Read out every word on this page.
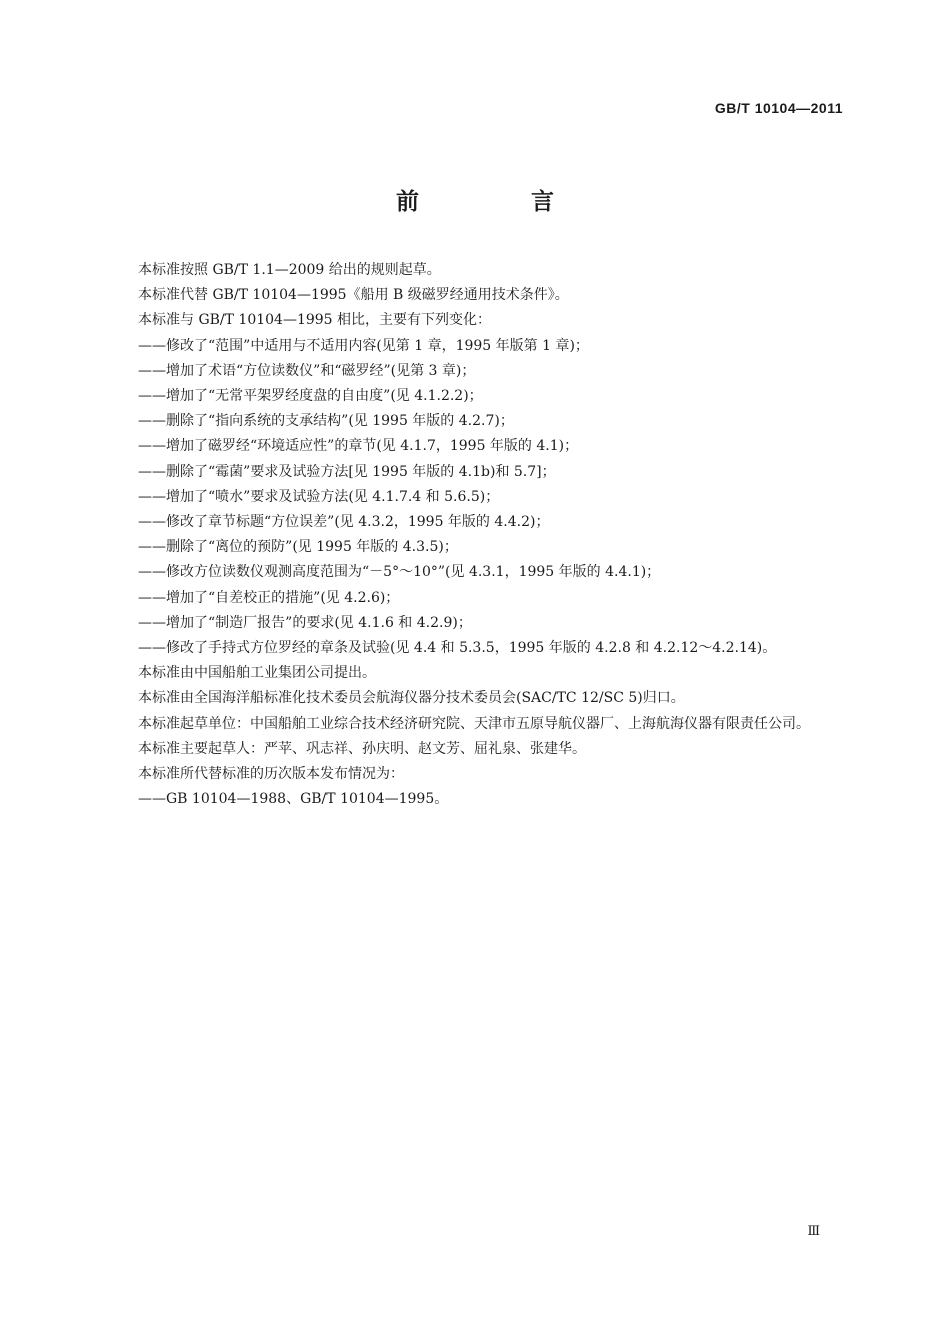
GB/T 10104—2011
前 言

本标准按照 GB/T 1.1—2009 给出的规则起草。

本标准代替 GB/T 10104—1995《船用 B 级磁罗经通用技术条件》。

本标准与 GB/T 10104—1995 相比，主要有下列变化：

——修改了“范围”中适用与不适用内容(见第 1 章，1995 年版第 1 章)；

——增加了术语“方位读数仪”和“磁罗经”(见第 3 章)；

——增加了“无常平架罗经度盘的自由度”(见 4.1.2.2)；

——删除了“指向系统的支承结构”(见 1995 年版的 4.2.7)；

——增加了磁罗经“环境适应性”的章节(见 4.1.7，1995 年版的 4.1)；

——删除了“霉菌”要求及试验方法[见 1995 年版的 4.1b)和 5.7]；

——增加了“喷水”要求及试验方法(见 4.1.7.4 和 5.6.5)；

——修改了章节标题“方位误差”(见 4.3.2，1995 年版的 4.4.2)；

——删除了“离位的预防”(见 1995 年版的 4.3.5)；

——修改方位读数仪观测高度范围为“－5°～10°”(见 4.3.1，1995 年版的 4.4.1)；

——增加了“自差校正的措施”(见 4.2.6)；

——增加了“制造厂报告”的要求(见 4.1.6 和 4.2.9)；

——修改了手持式方位罗经的章条及试验(见 4.4 和 5.3.5，1995 年版的 4.2.8 和 4.2.12～4.2.14)。

本标准由中国船舶工业集团公司提出。

本标准由全国海洋船标准化技术委员会航海仪器分技术委员会(SAC/TC 12/SC 5)归口。

本标准起草单位：中国船舶工业综合技术经济研究院、天津市五原导航仪器厂、上海航海仪器有限责任公司。

本标准主要起草人：严苹、巩志祥、孙庆明、赵文芳、屈礼泉、张建华。

本标准所代替标准的历次版本发布情况为：

——GB 10104—1988、GB/T 10104—1995。

Ⅲ
